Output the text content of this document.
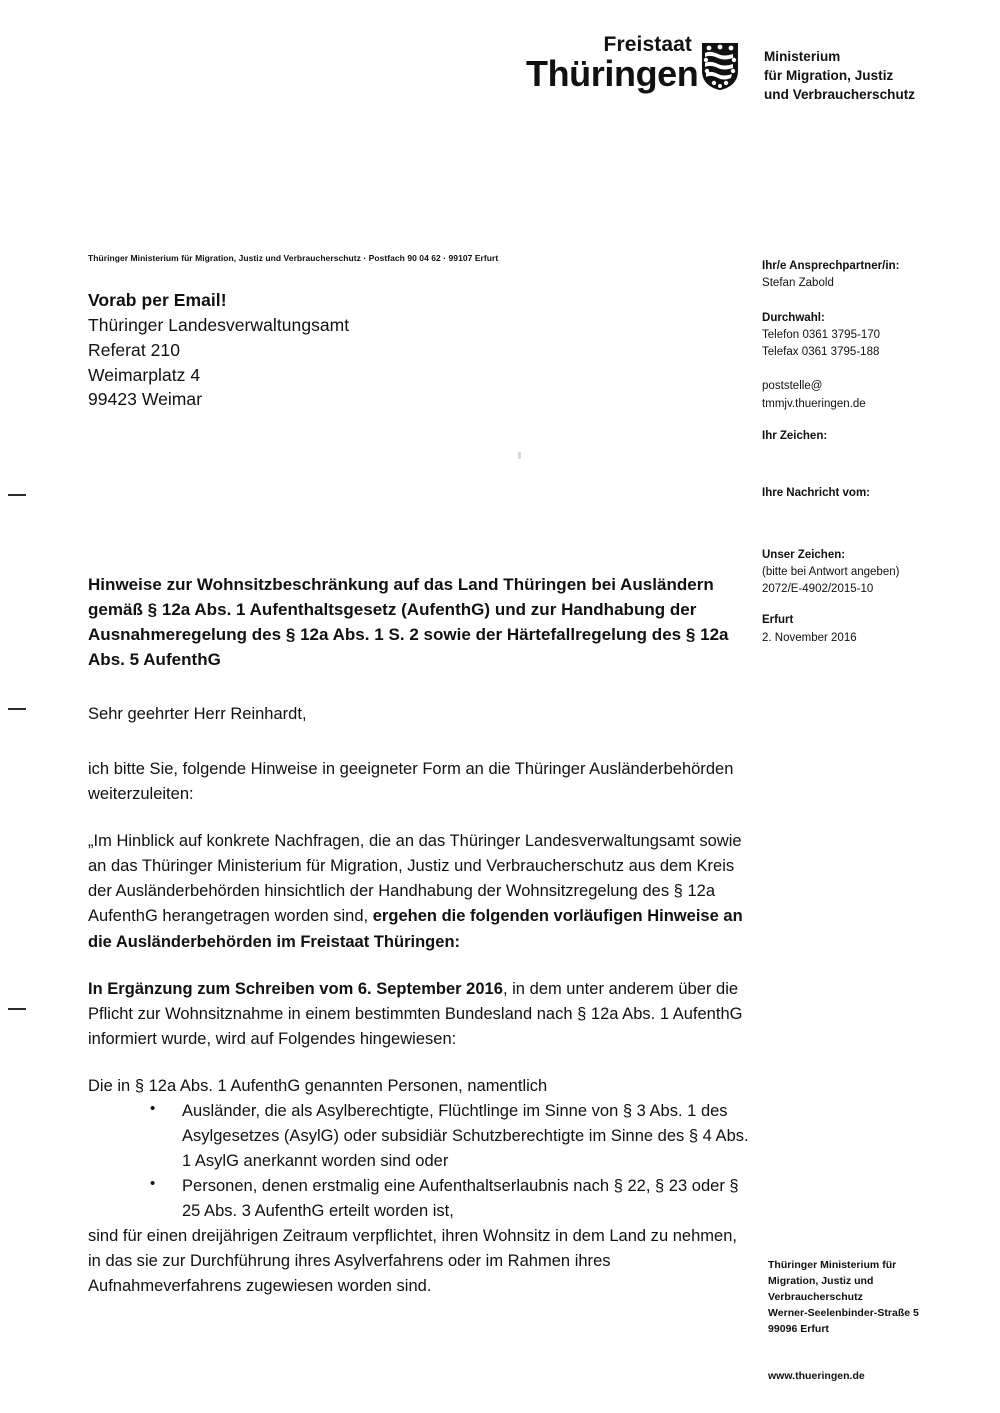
Freistaat
Thüringen	Ministerium
für Migration, Justiz
und Verbraucherschutz
Thüringer Ministerium für Migration, Justiz und Verbraucherschutz · Postfach 90 04 62 · 99107 Erfurt
Vorab per Email!
Thüringer Landesverwaltungsamt
Referat 210
Weimarplatz 4
99423 Weimar
Ihr/e Ansprechpartner/in:
Stefan Zabold
Durchwahl:
Telefon 0361 3795-170
Telefax 0361 3795-188
poststelle@
tmmjv.thueringen.de
Ihr Zeichen:
Ihre Nachricht vom:
Unser Zeichen:
(bitte bei Antwort angeben)
2072/E-4902/2015-10
Erfurt
2. November 2016
Hinweise zur Wohnsitzbeschränkung auf das Land Thüringen bei Ausländern gemäß § 12a Abs. 1 Aufenthaltsgesetz (AufenthG) und zur Handhabung der Ausnahmeregelung des § 12a Abs. 1 S. 2 sowie der Härtefallregelung des § 12a Abs. 5 AufenthG

Sehr geehrter Herr Reinhardt,

ich bitte Sie, folgende Hinweise in geeigneter Form an die Thüringer Ausländerbehörden weiterzuleiten:

„Im Hinblick auf konkrete Nachfragen, die an das Thüringer Landesverwaltungsamt sowie an das Thüringer Ministerium für Migration, Justiz und Verbraucherschutz aus dem Kreis der Ausländerbehörden hinsichtlich der Handhabung der Wohnsitzregelung des § 12a AufenthG herangetragen worden sind, ergehen die folgenden vorläufigen Hinweise an die Ausländerbehörden im Freistaat Thüringen:

In Ergänzung zum Schreiben vom 6. September 2016, in dem unter anderem über die Pflicht zur Wohnsitznahme in einem bestimmten Bundesland nach § 12a Abs. 1 AufenthG informiert wurde, wird auf Folgendes hingewiesen:

Die in § 12a Abs. 1 AufenthG genannten Personen, namentlich

• Ausländer, die als Asylberechtigte, Flüchtlinge im Sinne von § 3 Abs. 1 des Asylgesetzes (AsylG) oder subsidiär Schutzberechtigte im Sinne des § 4 Abs. 1 AsylG anerkannt worden sind oder
• Personen, denen erstmalig eine Aufenthaltserlaubnis nach § 22, § 23 oder § 25 Abs. 3 AufenthG erteilt worden ist,

sind für einen dreijährigen Zeitraum verpflichtet, ihren Wohnsitz in dem Land zu nehmen, in das sie zur Durchführung ihres Asylverfahrens oder im Rahmen ihres Aufnahmeverfahrens zugewiesen worden sind.

Thüringer Ministerium für
Migration, Justiz und
Verbraucherschutz
Werner-Seelenbinder-Straße 5
99096 Erfurt
www.thueringen.de
